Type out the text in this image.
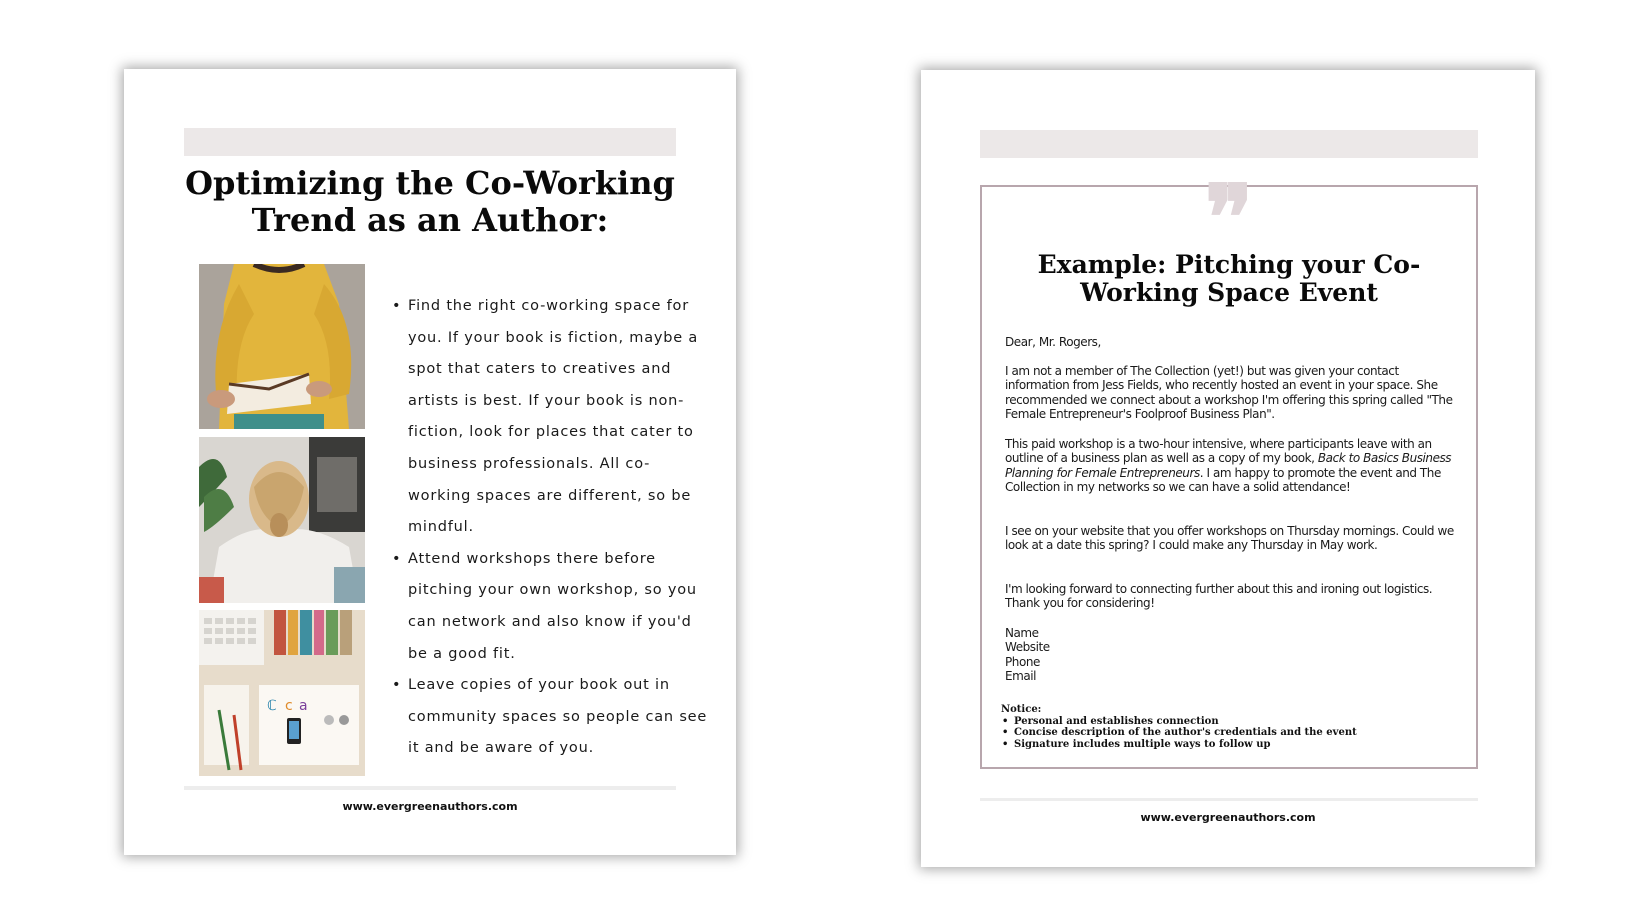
Optimizing the Co-Working
Trend as an Author:
ℂ c a
• Find the right co-working space for you. If your book is fiction, maybe a spot that caters to creatives and artists is best. If your book is non-fiction, look for places that cater to business professionals. All co-working spaces are different, so be mindful.
• Attend workshops there before pitching your own workshop, so you can network and also know if you'd be a good fit.
• Leave copies of your book out in community spaces so people can see it and be aware of you.
www.evergreenauthors.com
❞
Example: Pitching your Co-
Working Space Event

Dear, Mr. Rogers,

I am not a member of The Collection (yet!) but was given your contact information from Jess Fields, who recently hosted an event in your space. She recommended we connect about a workshop I'm offering this spring called "The Female Entrepreneur's Foolproof Business Plan".

This paid workshop is a two-hour intensive, where participants leave with an outline of a business plan as well as a copy of my book, Back to Basics Business Planning for Female Entrepreneurs. I am happy to promote the event and The Collection in my networks so we can have a solid attendance!

I see on your website that you offer workshops on Thursday mornings. Could we look at a date this spring? I could make any Thursday in May work.

I'm looking forward to connecting further about this and ironing out logistics. Thank you for considering!

Name
Website
Phone
Email
Notice:
• Personal and establishes connection
• Concise description of the author's credentials and the event
• Signature includes multiple ways to follow up
www.evergreenauthors.com
